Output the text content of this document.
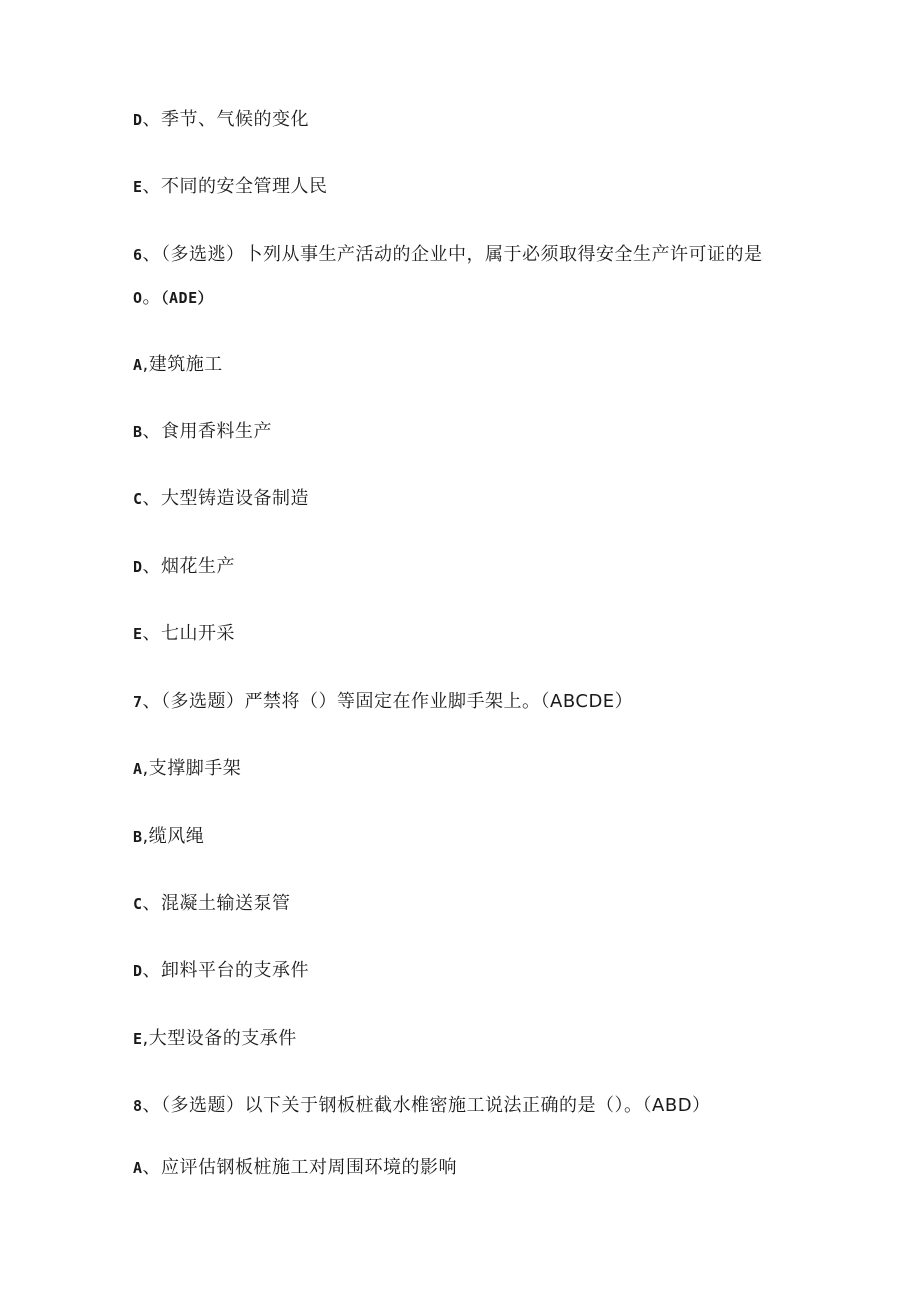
D、季节、气候的变化
E、不同的安全管理人民
6、（多选逃）卜列从事生产活动的企业中，属于必须取得安全生产许可证的是
O。（ADE）
A,建筑施工
B、食用香料生产
C、大型铸造设备制造
D、烟花生产
E、七山开采
7、（多选题）严禁将（）等固定在作业脚手架上。（ABCDE）
A,支撑脚手架
B,缆风绳
C、混凝土输送泵管
D、卸料平台的支承件
E,大型设备的支承件
8、（多选题）以下关于钢板桩截水椎密施工说法正确的是（）。（ABD）
A、应评估钢板桩施工对周围环境的影响
